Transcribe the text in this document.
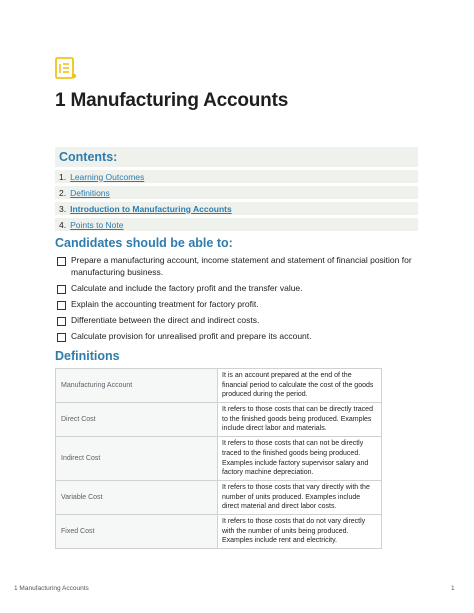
1 Manufacturing Accounts
Contents:
1. Learning Outcomes
2. Definitions
3. Introduction to Manufacturing Accounts
4. Points to Note
Candidates should be able to:
Prepare a manufacturing account, income statement and statement of financial position for manufacturing business.
Calculate and include the factory profit and the transfer value.
Explain the accounting treatment for factory profit.
Differentiate between the direct and indirect costs.
Calculate provision for unrealised profit and prepare its account.
Definitions
Manufacturing Account	It is an account prepared at the end of the financial period to calculate the cost of the goods produced during the period.
Direct Cost	It refers to those costs that can be directly traced to the finished goods being produced. Examples include direct labor and materials.
Indirect Cost	It refers to those costs that can not be directly traced to the finished goods being produced. Examples include factory supervisor salary and factory machine depreciation.
Variable Cost	It refers to those costs that vary directly with the number of units produced. Examples include direct material and direct labor costs.
Fixed Cost	It refers to those costs that do not vary directly with the number of units being produced. Examples include rent and electricity.
1 Manufacturing Accounts	1
